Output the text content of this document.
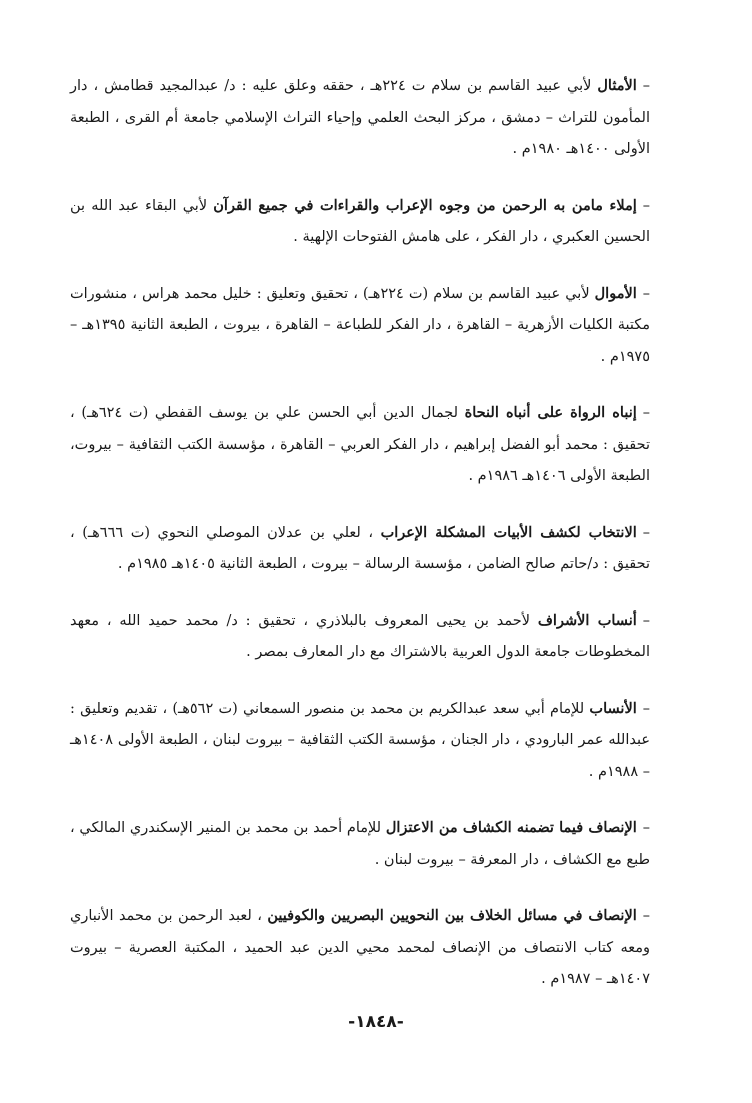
–الأمثال لأبي عبيد القاسم بن سلام ت ٢٢٤هـ ، حققه وعلق عليه : د/ عبدالمجيد قطامش ، دار المأمون للتراث – دمشق ، مركز البحث العلمي وإحياء التراث الإسلامي جامعة أم القرى ، الطبعة الأولى ١٤٠٠هـ ١٩٨٠م .

–إملاء مامن به الرحمن من وجوه الإعراب والقراءات في جميع القرآن لأبي البقاء عبد الله بن الحسين العكبري ، دار الفكر ، على هامش الفتوحات الإلهية .

–الأموال لأبي عبيد القاسم بن سلام (ت ٢٢٤هـ) ، تحقيق وتعليق : خليل محمد هراس ، منشورات مكتبة الكليات الأزهرية – القاهرة ، دار الفكر للطباعة – القاهرة ، بيروت ، الطبعة الثانية ١٣٩٥هـ – ١٩٧٥م .

–إنباه الرواة على أنباه النحاة لجمال الدين أبي الحسن علي بن يوسف القفطي (ت ٦٢٤هـ) ، تحقيق : محمد أبو الفضل إبراهيم ، دار الفكر العربي – القاهرة ، مؤسسة الكتب الثقافية – بيروت، الطبعة الأولى ١٤٠٦هـ ١٩٨٦م .

–الانتخاب لكشف الأبيات المشكلة الإعراب ، لعلي بن عدلان الموصلي النحوي (ت ٦٦٦هـ) ، تحقيق : د/حاتم صالح الضامن ، مؤسسة الرسالة – بيروت ، الطبعة الثانية ١٤٠٥هـ ١٩٨٥م .

–أنساب الأشراف لأحمد بن يحيى المعروف بالبلاذري ، تحقيق : د/ محمد حميد الله ، معهد المخطوطات جامعة الدول العربية بالاشتراك مع دار المعارف بمصر .

–الأنساب للإمام أبي سعد عبدالكريم بن محمد بن منصور السمعاني (ت ٥٦٢هـ) ، تقديم وتعليق : عبدالله عمر البارودي ، دار الجنان ، مؤسسة الكتب الثقافية – بيروت لبنان ، الطبعة الأولى ١٤٠٨هـ – ١٩٨٨م .

–الإنصاف فيما تضمنه الكشاف من الاعتزال للإمام أحمد بن محمد بن المنير الإسكندري المالكي ، طبع مع الكشاف ، دار المعرفة – بيروت لبنان .

–الإنصاف في مسائل الخلاف بين النحويين البصريين والكوفيين ، لعبد الرحمن بن محمد الأنباري ومعه كتاب الانتصاف من الإنصاف لمحمد محيي الدين عبد الحميد ، المكتبة العصرية – بيروت ١٤٠٧هـ – ١٩٨٧م .

-١٨٤٨-
